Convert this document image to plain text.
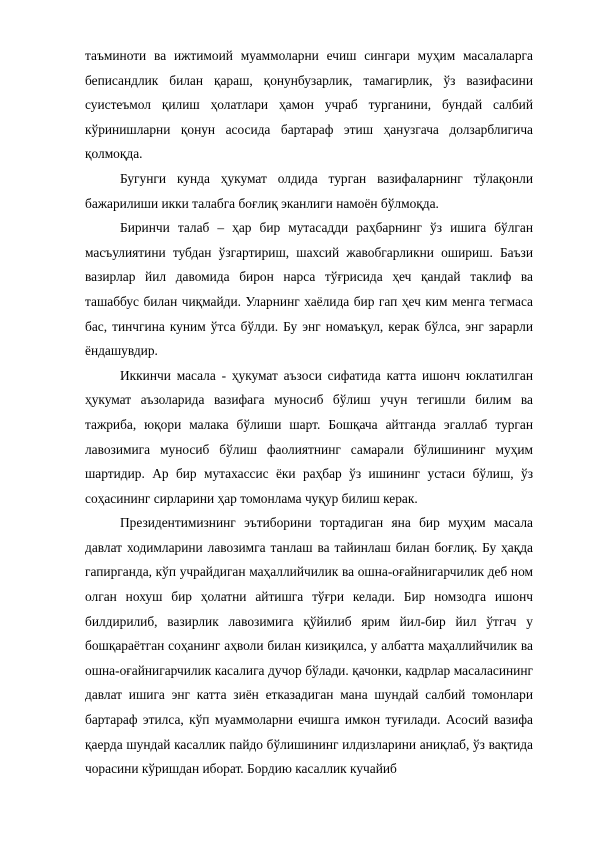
таъминоти ва ижтимоий муаммоларни ечиш сингари муҳим масалаларга беписандлик билан қараш, қонунбузарлик, тамагирлик, ўз вазифасини суистеъмол қилиш ҳолатлари ҳамон учраб турганини, бундай салбий кўринишларни қонун асосида бартараф этиш ҳанузгача долзарблигича қолмоқда.

Бугунги кунда ҳукумат олдида турган вазифаларнинг тўлақонли бажарилиши икки талабга боғлиқ эканлиги намоён бўлмоқда.

Биринчи талаб – ҳар бир мутасадди раҳбарнинг ўз ишига бўлган масъулиятини тубдан ўзгартириш, шахсий жавобгарликни ошириш. Баъзи вазирлар йил давомида бирон нарса тўғрисида ҳеч қандай таклиф ва ташаббус билан чиқмайди. Уларнинг хаёлида бир гап ҳеч ким менга тегмаса бас, тинчгина куним ўтса бўлди. Бу энг номаъқул, керак бўлса, энг зарарли ёндашувдир.

Иккинчи масала - ҳукумат аъзоси сифатида катта ишонч юклатилган ҳукумат аъзоларида вазифага муносиб бўлиш учун тегишли билим ва тажриба, юқори малака бўлиши шарт. Бошқача айтганда эгаллаб турган лавозимига муносиб бўлиш фаолиятнинг самарали бўлишининг муҳим шартидир. Ар бир мутахассис ёки раҳбар ўз ишининг устаси бўлиш, ўз соҳасининг сирларини ҳар томонлама чуқур билиш керак.

Президентимизнинг эътиборини тортадиган яна бир муҳим масала давлат ходимларини лавозимга танлаш ва тайинлаш билан боғлиқ. Бу ҳақда гапирганда, кўп учрайдиган маҳаллийчилик ва ошна-оғайнигарчилик деб ном олган нохуш бир ҳолатни айтишга тўғри келади. Бир номзодга ишонч билдирилиб, вазирлик лавозимига қўйилиб ярим йил-бир йил ўтгач у бошқараётган соҳанинг аҳволи билан кизиқилса, у албатта маҳаллийчилик ва ошна-оғайнигарчилик касалига дучор бўлади. қачонки, кадрлар масаласининг давлат ишига энг катта зиён етказадиган мана шундай салбий томонлари бартараф этилса, кўп муаммоларни ечишга имкон туғилади. Асосий вазифа қаерда шундай касаллик пайдо бўлишининг илдизларини аниқлаб, ўз вақтида чорасини кўришдан иборат. Бордию касаллик кучайиб
